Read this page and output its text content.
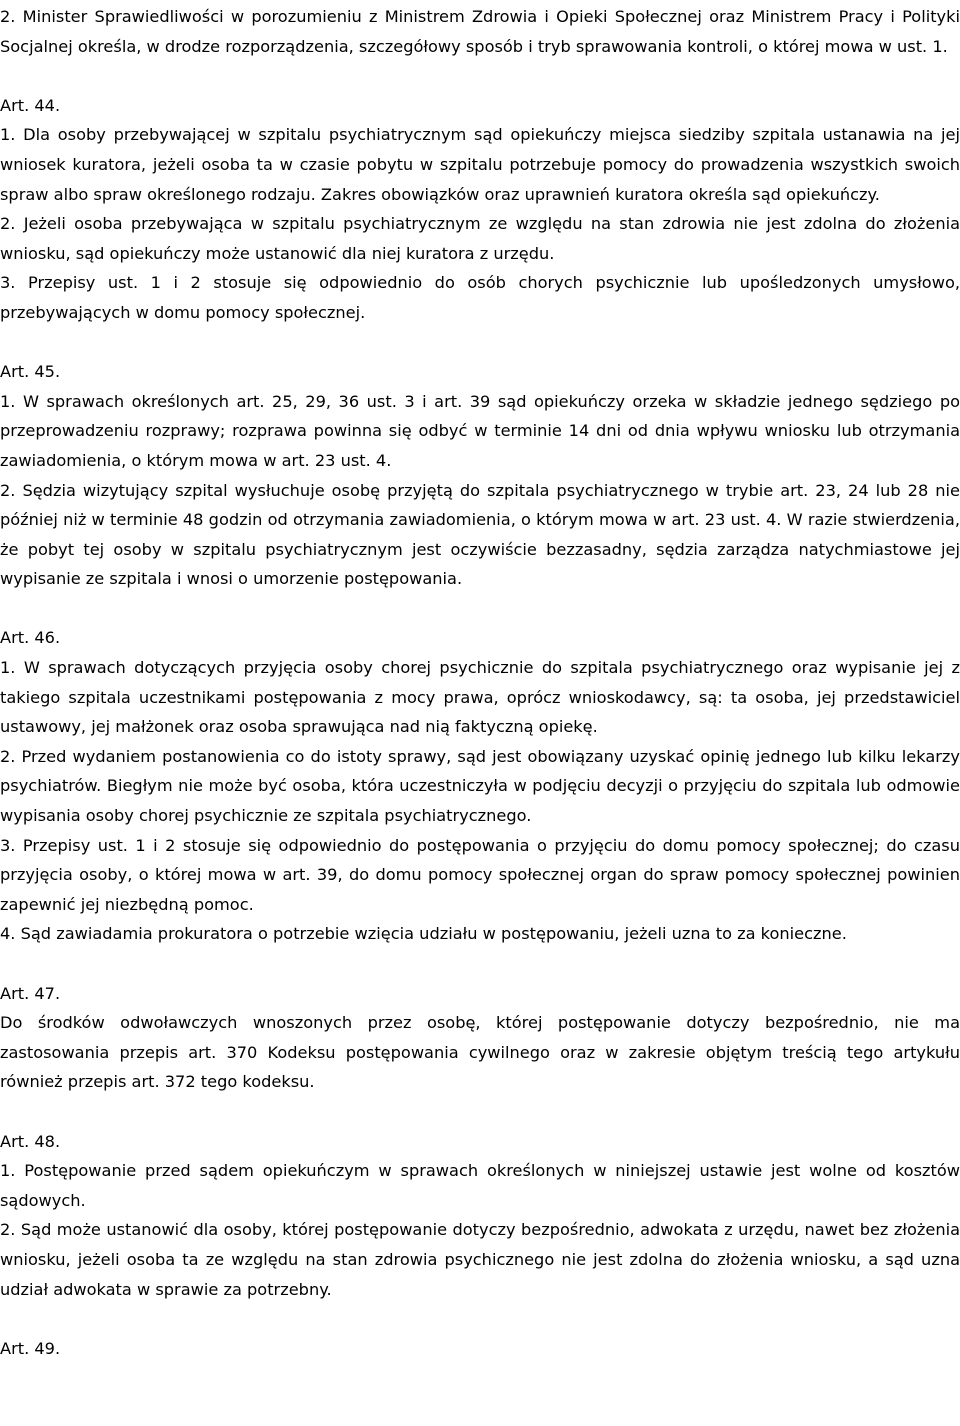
2. Minister Sprawiedliwości w porozumieniu z Ministrem Zdrowia i Opieki Społecznej oraz Ministrem Pracy i Polityki Socjalnej określa, w drodze rozporządzenia, szczegółowy sposób i tryb sprawowania kontroli, o której mowa w ust. 1.
Art. 44.
1. Dla osoby przebywającej w szpitalu psychiatrycznym sąd opiekuńczy miejsca siedziby szpitala ustanawia na jej wniosek kuratora, jeżeli osoba ta w czasie pobytu w szpitalu potrzebuje pomocy do prowadzenia wszystkich swoich spraw albo spraw określonego rodzaju. Zakres obowiązków oraz uprawnień kuratora określa sąd opiekuńczy.
2. Jeżeli osoba przebywająca w szpitalu psychiatrycznym ze względu na stan zdrowia nie jest zdolna do złożenia wniosku, sąd opiekuńczy może ustanowić dla niej kuratora z urzędu.
3. Przepisy ust. 1 i 2 stosuje się odpowiednio do osób chorych psychicznie lub upośledzonych umysłowo, przebywających w domu pomocy społecznej.
Art. 45.
1. W sprawach określonych art. 25, 29, 36 ust. 3 i art. 39 sąd opiekuńczy orzeka w składzie jednego sędziego po przeprowadzeniu rozprawy; rozprawa powinna się odbyć w terminie 14 dni od dnia wpływu wniosku lub otrzymania zawiadomienia, o którym mowa w art. 23 ust. 4.
2. Sędzia wizytujący szpital wysłuchuje osobę przyjętą do szpitala psychiatrycznego w trybie art. 23, 24 lub 28 nie później niż w terminie 48 godzin od otrzymania zawiadomienia, o którym mowa w art. 23 ust. 4. W razie stwierdzenia, że pobyt tej osoby w szpitalu psychiatrycznym jest oczywiście bezzasadny, sędzia zarządza natychmiastowe jej wypisanie ze szpitala i wnosi o umorzenie postępowania.
Art. 46.
1. W sprawach dotyczących przyjęcia osoby chorej psychicznie do szpitala psychiatrycznego oraz wypisanie jej z takiego szpitala uczestnikami postępowania z mocy prawa, oprócz wnioskodawcy, są: ta osoba, jej przedstawiciel ustawowy, jej małżonek oraz osoba sprawująca nad nią faktyczną opiekę.
2. Przed wydaniem postanowienia co do istoty sprawy, sąd jest obowiązany uzyskać opinię jednego lub kilku lekarzy psychiatrów. Biegłym nie może być osoba, która uczestniczyła w podjęciu decyzji o przyjęciu do szpitala lub odmowie wypisania osoby chorej psychicznie ze szpitala psychiatrycznego.
3. Przepisy ust. 1 i 2 stosuje się odpowiednio do postępowania o przyjęciu do domu pomocy społecznej; do czasu przyjęcia osoby, o której mowa w art. 39, do domu pomocy społecznej organ do spraw pomocy społecznej powinien zapewnić jej niezbędną pomoc.
4. Sąd zawiadamia prokuratora o potrzebie wzięcia udziału w postępowaniu, jeżeli uzna to za konieczne.
Art. 47.
Do środków odwoławczych wnoszonych przez osobę, której postępowanie dotyczy bezpośrednio, nie ma zastosowania przepis art. 370 Kodeksu postępowania cywilnego oraz w zakresie objętym treścią tego artykułu również przepis art. 372 tego kodeksu.
Art. 48.
1. Postępowanie przed sądem opiekuńczym w sprawach określonych w niniejszej ustawie jest wolne od kosztów sądowych.
2. Sąd może ustanowić dla osoby, której postępowanie dotyczy bezpośrednio, adwokata z urzędu, nawet bez złożenia wniosku, jeżeli osoba ta ze względu na stan zdrowia psychicznego nie jest zdolna do złożenia wniosku, a sąd uzna udział adwokata w sprawie za potrzebny.
Art. 49.
